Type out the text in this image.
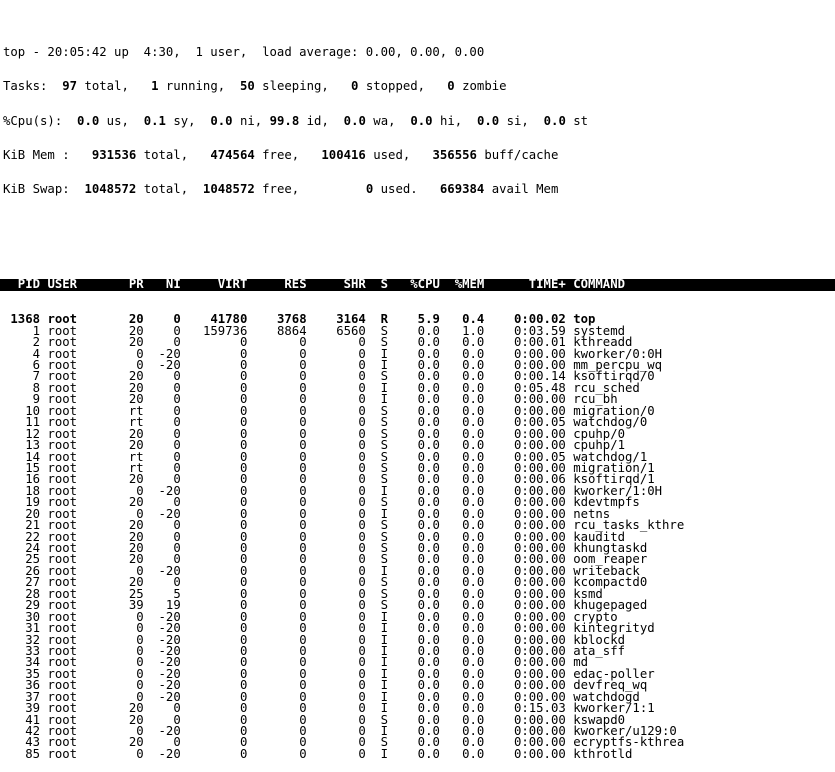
top - 20:05:42 up  4:30,  1 user,  load average: 0.00, 0.00, 0.00

Tasks: 97 total, 1 running, 50 sleeping, 0 stopped, 0 zombie

%Cpu(s): 0.0 us, 0.1 sy, 0.0 ni, 99.8 id, 0.0 wa, 0.0 hi, 0.0 si, 0.0 st

KiB Mem : 931536 total, 474564 free, 100416 used, 356556 buff/cache

KiB Swap: 1048572 total, 1048572 free,	0 used. 669384 avail Mem

PID USER       PR   NI     VIRT     RES     SHR  S   %CPU  %MEM      TIME+ COMMAND

1368 root       20    0    41780    3768    3164  R    5.9   0.4    0:00.02 top
1 root       20    0   159736    8864    6560  S    0.0   1.0    0:03.59 systemd
2 root       20    0        0       0       0  S    0.0   0.0    0:00.01 kthreadd
4 root        0  -20        0       0       0  I    0.0   0.0    0:00.00 kworker/0:0H
6 root        0  -20        0       0       0  I    0.0   0.0    0:00.00 mm_percpu_wq
7 root       20    0        0       0       0  S    0.0   0.0    0:00.14 ksoftirqd/0
8 root       20    0        0       0       0  I    0.0   0.0    0:05.48 rcu_sched
9 root       20    0        0       0       0  I    0.0   0.0    0:00.00 rcu_bh
10 root       rt    0        0       0       0  S    0.0   0.0    0:00.00 migration/0
11 root       rt    0        0       0       0  S    0.0   0.0    0:00.05 watchdog/0
12 root       20    0        0       0       0  S    0.0   0.0    0:00.00 cpuhp/0
13 root       20    0        0       0       0  S    0.0   0.0    0:00.00 cpuhp/1
14 root       rt    0        0       0       0  S    0.0   0.0    0:00.05 watchdog/1
15 root       rt    0        0       0       0  S    0.0   0.0    0:00.00 migration/1
16 root       20    0        0       0       0  S    0.0   0.0    0:00.06 ksoftirqd/1
18 root        0  -20        0       0       0  I    0.0   0.0    0:00.00 kworker/1:0H
19 root       20    0        0       0       0  S    0.0   0.0    0:00.00 kdevtmpfs
20 root        0  -20        0       0       0  I    0.0   0.0    0:00.00 netns
21 root       20    0        0       0       0  S    0.0   0.0    0:00.00 rcu_tasks_kthre
22 root       20    0        0       0       0  S    0.0   0.0    0:00.00 kauditd
24 root       20    0        0       0       0  S    0.0   0.0    0:00.00 khungtaskd
25 root       20    0        0       0       0  S    0.0   0.0    0:00.00 oom_reaper
26 root        0  -20        0       0       0  I    0.0   0.0    0:00.00 writeback
27 root       20    0        0       0       0  S    0.0   0.0    0:00.00 kcompactd0
28 root       25    5        0       0       0  S    0.0   0.0    0:00.00 ksmd
29 root       39   19        0       0       0  S    0.0   0.0    0:00.00 khugepaged
30 root        0  -20        0       0       0  I    0.0   0.0    0:00.00 crypto
31 root        0  -20        0       0       0  I    0.0   0.0    0:00.00 kintegrityd
32 root        0  -20        0       0       0  I    0.0   0.0    0:00.00 kblockd
33 root        0  -20        0       0       0  I    0.0   0.0    0:00.00 ata_sff
34 root        0  -20        0       0       0  I    0.0   0.0    0:00.00 md
35 root        0  -20        0       0       0  I    0.0   0.0    0:00.00 edac-poller
36 root        0  -20        0       0       0  I    0.0   0.0    0:00.00 devfreq_wq
37 root        0  -20        0       0       0  I    0.0   0.0    0:00.00 watchdogd
39 root       20    0        0       0       0  I    0.0   0.0    0:15.03 kworker/1:1
41 root       20    0        0       0       0  S    0.0   0.0    0:00.00 kswapd0
42 root        0  -20        0       0       0  I    0.0   0.0    0:00.00 kworker/u129:0
43 root       20    0        0       0       0  S    0.0   0.0    0:00.00 ecryptfs-kthrea
85 root        0  -20        0       0       0  I    0.0   0.0    0:00.00 kthrotld
